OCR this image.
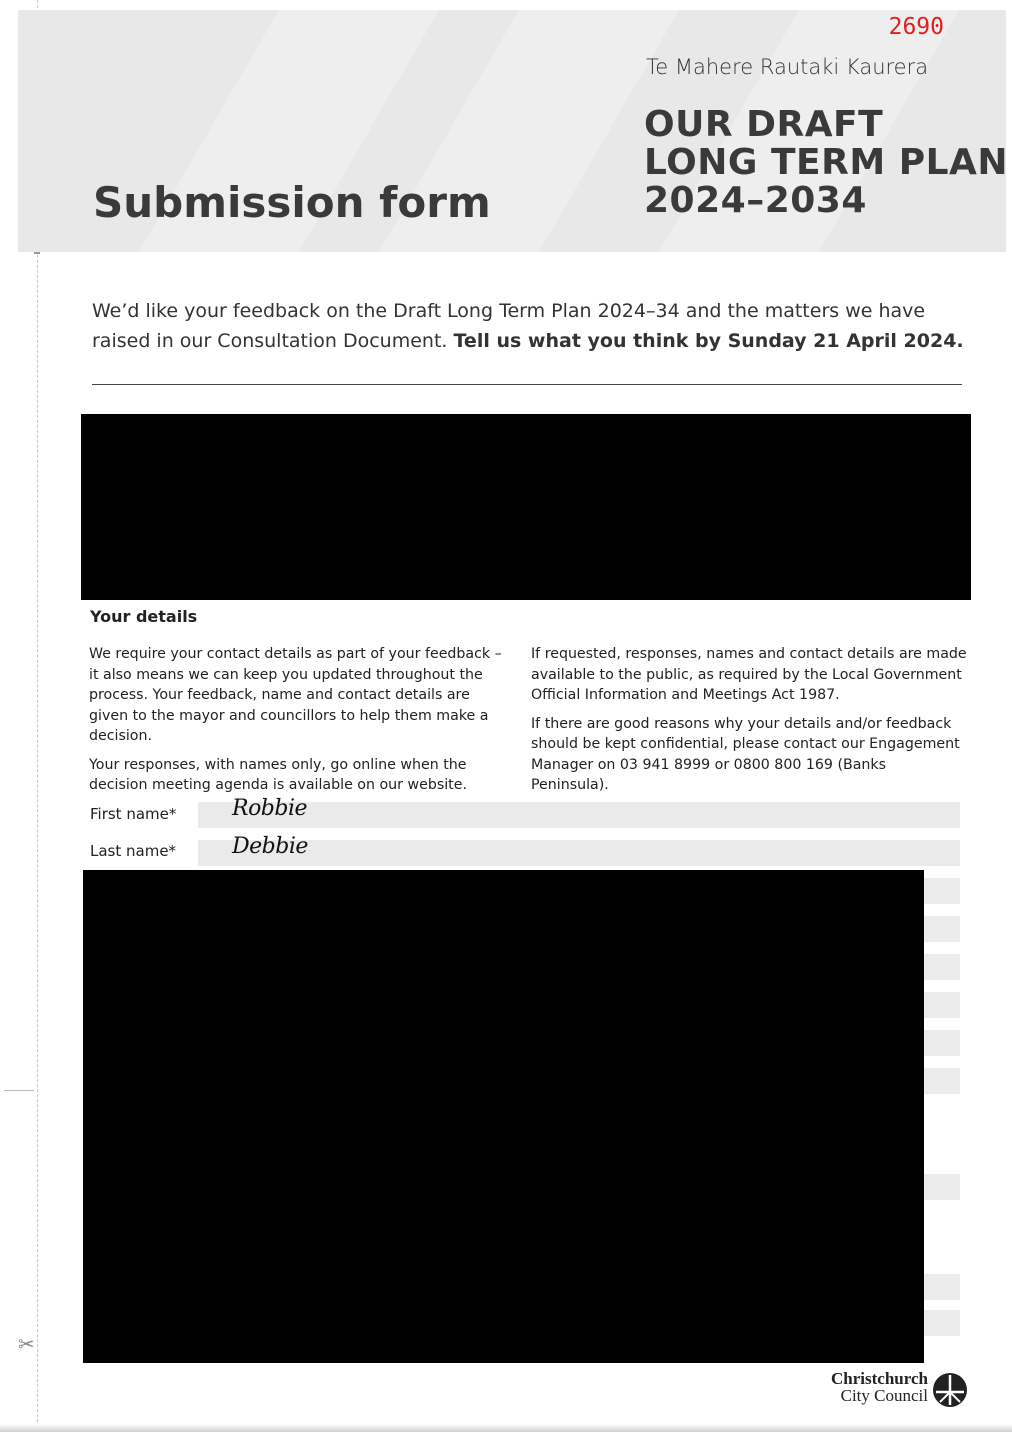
✂
2690
Te Mahere Rautaki Kaurera
OUR DRAFT
LONG TERM PLAN
2024–2034
Submission form
We’d like your feedback on the Draft Long Term Plan 2024–34 and the matters we have raised in our Consultation Document. Tell us what you think by Sunday 21 April 2024.
Your details

We require your contact details as part of your feedback – it also means we can keep you updated throughout the process. Your feedback, name and contact details are given to the mayor and councillors to help them make a decision.

Your responses, with names only, go online when the decision meeting agenda is available on our website.

If requested, responses, names and contact details are made available to the public, as required by the Local Government Official Information and Meetings Act 1987.

If there are good reasons why your details and/or feedback should be kept confidential, please contact our Engagement Manager on 03 941 8999 or 0800 800 169 (Banks Peninsula).

First name*	Robbie
Last name*	Debbie
Christchurch
City Council
